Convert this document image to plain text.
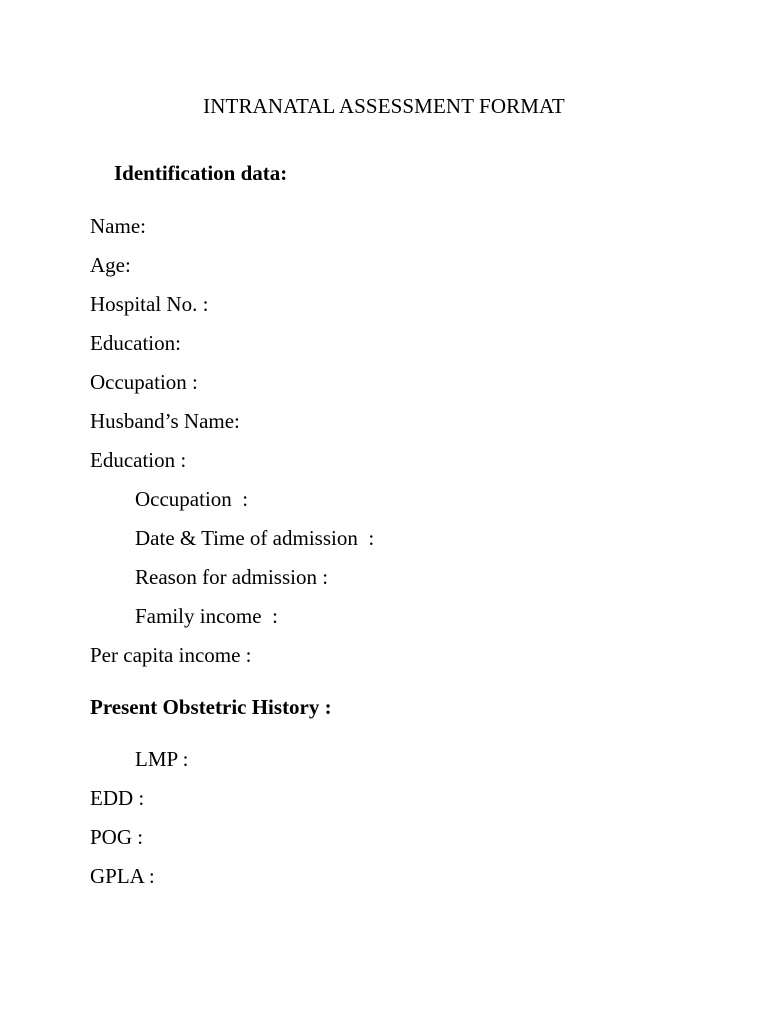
INTRANATAL ASSESSMENT FORMAT
Identification data:

Name:

Age:

Hospital No. :

Education:

Occupation :

Husband’s Name:

Education :

Occupation  :

Date & Time of admission  :

Reason for admission :

Family income  :

Per capita income :

Present Obstetric History :

LMP :

EDD :

POG :

GPLA :
